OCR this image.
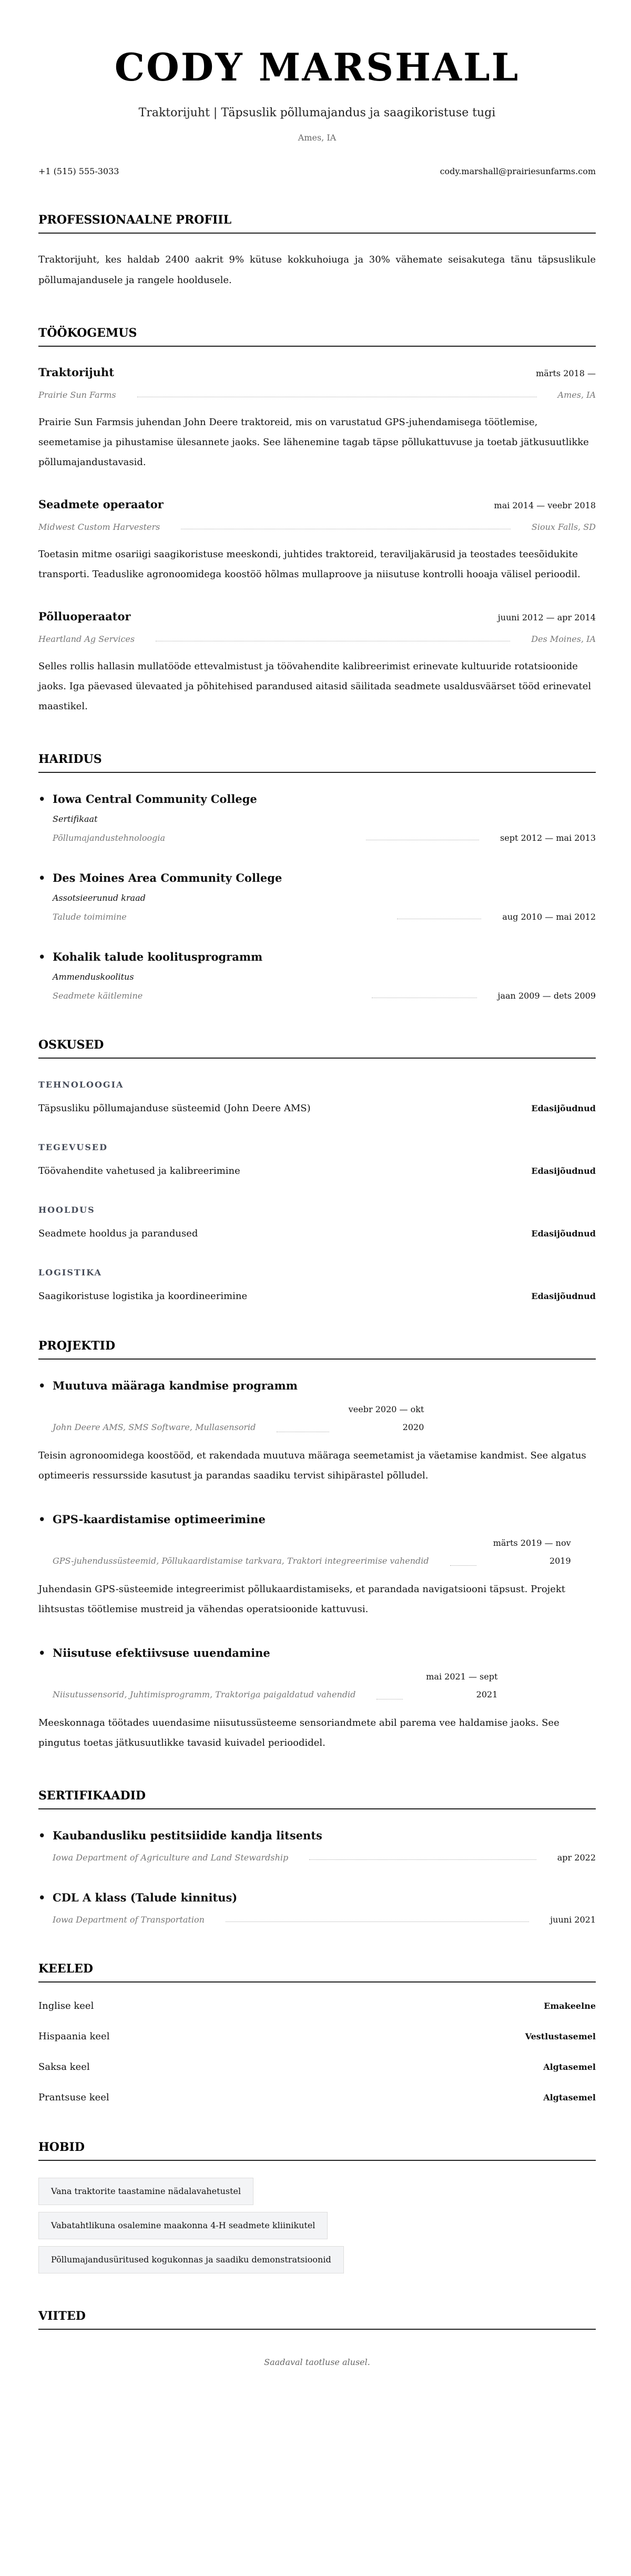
CODY MARSHALL
Traktorijuht | Täpsuslik põllumajandus ja saagikoristuse tugi
Ames, IA
+1 (515) 555-3033	cody.marshall@prairiesunfarms.com
PROFESSIONAALNE PROFIIL

Traktorijuht, kes haldab 2400 aakrit 9% kütuse kokkuhoiuga ja 30% vähemate seisakutega tänu täpsuslikule põllumajandusele ja rangele hooldusele.

TÖÖKOGEMUS
Traktorijuht	märts 2018 —
Prairie Sun Farms	Ames, IA

Prairie Sun Farmsis juhendan John Deere traktoreid, mis on varustatud GPS-juhendamisega töötlemise, seemetamise ja pihustamise ülesannete jaoks. See lähenemine tagab täpse põllukattuvuse ja toetab jätkusuutlikke põllumajandustavasid.

Seadmete operaator	mai 2014 — veebr 2018
Midwest Custom Harvesters	Sioux Falls, SD

Toetasin mitme osariigi saagikoristuse meeskondi, juhtides traktoreid, teraviljakärusid ja teostades teesõidukite transporti. Teaduslike agronoomidega koostöö hõlmas mullaproove ja niisutuse kontrolli hooaja välisel perioodil.

Põlluoperaator	juuni 2012 — apr 2014
Heartland Ag Services	Des Moines, IA

Selles rollis hallasin mullatööde ettevalmistust ja töövahendite kalibreerimist erinevate kultuuride rotatsioonide jaoks. Iga päevased ülevaated ja põhitehised parandused aitasid säilitada seadmete usaldusväärset tööd erinevatel maastikel.

HARIDUS
• Iowa Central Community College
Sertifikaat
Põllumajandustehnoloogia	sept 2012 — mai 2013
• Des Moines Area Community College
Assotsieerunud kraad
Talude toimimine	aug 2010 — mai 2012
• Kohalik talude koolitusprogramm
Ammenduskoolitus
Seadmete käitlemine	jaan 2009 — dets 2009
OSKUSED
TEHNOLOOGIA
Täpsusliku põllumajanduse süsteemid (John Deere AMS)	Edasijõudnud
TEGEVUSED
Töövahendite vahetused ja kalibreerimine	Edasijõudnud
HOOLDUS
Seadmete hooldus ja parandused	Edasijõudnud
LOGISTIKA
Saagikoristuse logistika ja koordineerimine	Edasijõudnud
PROJEKTID
• Muutuva määraga kandmise programm
John Deere AMS, SMS Software, Mullasensorid
veebr 2020 — okt 2020

Teisin agronoomidega koostööd, et rakendada muutuva määraga seemetamist ja väetamise kandmist. See algatus optimeeris ressursside kasutust ja parandas saadiku tervist sihipärastel põlludel.

• GPS-kaardistamise optimeerimine
GPS-juhendussüsteemid, Põllukaardistamise tarkvara, Traktori integreerimise vahendid
märts 2019 — nov 2019

Juhendasin GPS-süsteemide integreerimist põllukaardistamiseks, et parandada navigatsiooni täpsust. Projekt lihtsustas töötlemise mustreid ja vähendas operatsioonide kattuvusi.

• Niisutuse efektiivsuse uuendamine
Niisutussensorid, Juhtimisprogramm, Traktoriga paigaldatud vahendid
mai 2021 — sept 2021

Meeskonnaga töötades uuendasime niisutussüsteeme sensoriandmete abil parema vee haldamise jaoks. See pingutus toetas jätkusuutlikke tavasid kuivadel perioodidel.

SERTIFIKAADID
• Kaubandusliku pestitsiidide kandja litsents
Iowa Department of Agriculture and Land Stewardship	apr 2022
• CDL A klass (Talude kinnitus)
Iowa Department of Transportation	juuni 2021
KEELED
Inglise keel	Emakeelne
Hispaania keel	Vestlustasemel
Saksa keel	Algtasemel
Prantsuse keel	Algtasemel
HOBID
Vana traktorite taastamine nädalavahetustel
Vabatahtlikuna osalemine maakonna 4-H seadmete kliinikutel
Põllumajandusüritused kogukonnas ja saadiku demonstratsioonid
VIITED

Saadaval taotluse alusel.
